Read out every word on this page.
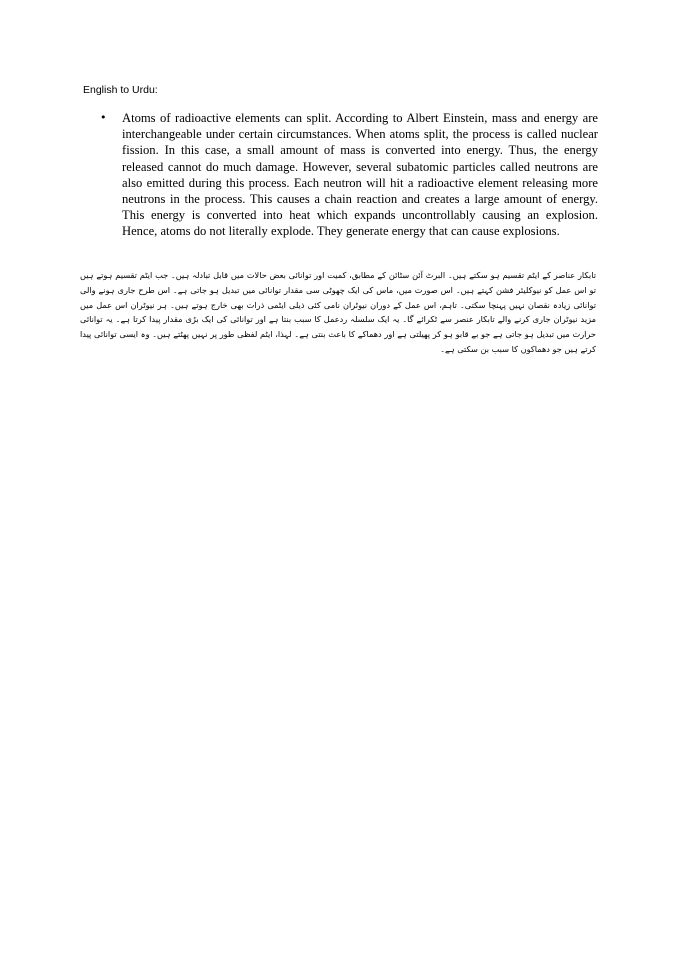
English to Urdu:
• Atoms of radioactive elements can split. According to Albert Einstein, mass and energy are interchangeable under certain circumstances. When atoms split, the process is called nuclear fission. In this case, a small amount of mass is converted into energy. Thus, the energy released cannot do much damage. However, several subatomic particles called neutrons are also emitted during this process. Each neutron will hit a radioactive element releasing more neutrons in the process. This causes a chain reaction and creates a large amount of energy. This energy is converted into heat which expands uncontrollably causing an explosion. Hence, atoms do not literally explode. They generate energy that can cause explosions.

تابکار عناصر کے ایٹم تقسیم ہو سکتے ہیں۔ البرٹ آئن سٹائن کے مطابق، کمیت اور توانائی بعض حالات میں قابل تبادلہ ہیں۔ جب ایٹم تقسیم ہوتے ہیں تو اس عمل کو نیوکلیئر فشن کہتے ہیں۔ اس صورت میں، ماس کی ایک چھوٹی سی مقدار توانائی میں تبدیل ہو جاتی ہے۔ اس طرح جاری ہونے والی توانائی زیادہ نقصان نہیں پہنچا سکتی۔ تاہم، اس عمل کے دوران نیوٹران نامی کئی ذیلی ایٹمی ذرات بھی خارج ہوتے ہیں۔ ہر نیوٹران اس عمل میں مزید نیوٹران جاری کرنے والے تابکار عنصر سے ٹکرائے گا۔ یہ ایک سلسلہ ردعمل کا سبب بنتا ہے اور توانائی کی ایک بڑی مقدار پیدا کرتا ہے۔ یہ توانائی حرارت میں تبدیل ہو جاتی ہے جو بے قابو ہو کر پھیلتی ہے اور دھماکے کا باعث بنتی ہے۔ لہذا، ایٹم لفظی طور پر نہیں پھٹتے ہیں۔ وہ ایسی توانائی پیدا کرتے ہیں جو دھماکوں کا سبب بن سکتی ہے۔
